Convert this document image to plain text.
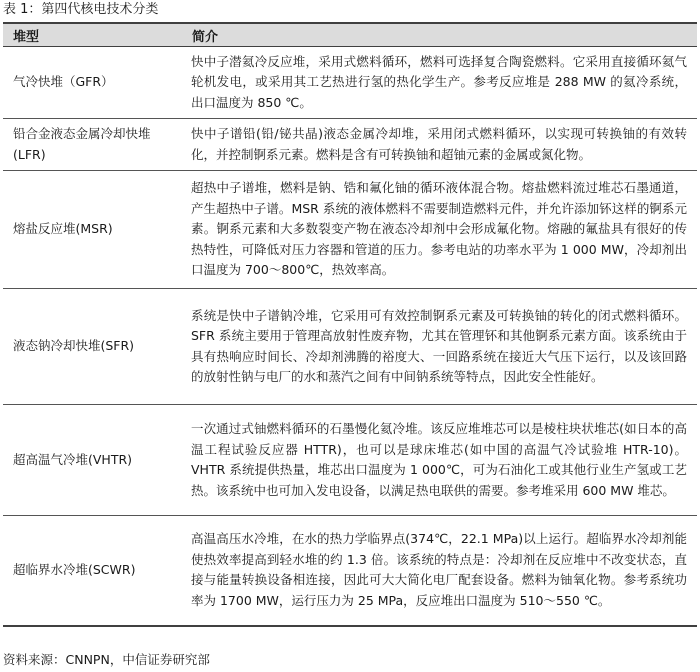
表 1：第四代核电技术分类
堆型	简介
气冷快堆（GFR）	快中子潜氦冷反应堆，采用式燃料循环，燃料可选择复合陶瓷燃料。它采用直接循环氦气轮机发电，或采用其工艺热进行氢的热化学生产。参考反应堆是 288 MW 的氦冷系统，出口温度为 850 ℃。
铅合金液态金属冷却快堆(LFR)	快中子谱铅(铅/铋共晶)液态金属冷却堆，采用闭式燃料循环，以实现可转换铀的有效转化，并控制锕系元素。燃料是含有可转换铀和超铀元素的金属或氮化物。
熔盐反应堆(MSR)	超热中子谱堆，燃料是钠、锆和氟化铀的循环液体混合物。熔盐燃料流过堆芯石墨通道，产生超热中子谱。MSR 系统的液体燃料不需要制造燃料元件，并允许添加钚这样的锕系元素。锕系元素和大多数裂变产物在液态冷却剂中会形成氟化物。熔融的氟盐具有很好的传热特性，可降低对压力容器和管道的压力。参考电站的功率水平为 1 000 MW，冷却剂出口温度为 700～800℃，热效率高。
液态钠冷却快堆(SFR)	系统是快中子谱钠冷堆，它采用可有效控制锕系元素及可转换铀的转化的闭式燃料循环。SFR 系统主要用于管理高放射性废弃物，尤其在管理钚和其他锕系元素方面。该系统由于具有热响应时间长、冷却剂沸腾的裕度大、一回路系统在接近大气压下运行，以及该回路的放射性钠与电厂的水和蒸汽之间有中间钠系统等特点，因此安全性能好。
超高温气冷堆(VHTR)	一次通过式铀燃料循环的石墨慢化氦冷堆。该反应堆堆芯可以是棱柱块状堆芯(如日本的高温工程试验反应器 HTTR)，也可以是球床堆芯(如中国的高温气冷试验堆 HTR-10)。VHTR 系统提供热量，堆芯出口温度为 1 000℃，可为石油化工或其他行业生产氢或工艺热。该系统中也可加入发电设备，以满足热电联供的需要。参考堆采用 600 MW 堆芯。
超临界水冷堆(SCWR)	高温高压水冷堆，在水的热力学临界点(374℃，22.1 MPa)以上运行。超临界水冷却剂能使热效率提高到轻水堆的约 1.3 倍。该系统的特点是：冷却剂在反应堆中不改变状态，直接与能量转换设备相连接，因此可大大简化电厂配套设备。燃料为铀氧化物。参考系统功率为 1700 MW，运行压力为 25 MPa，反应堆出口温度为 510～550 ℃。
资料来源：CNNPN，中信证券研究部
